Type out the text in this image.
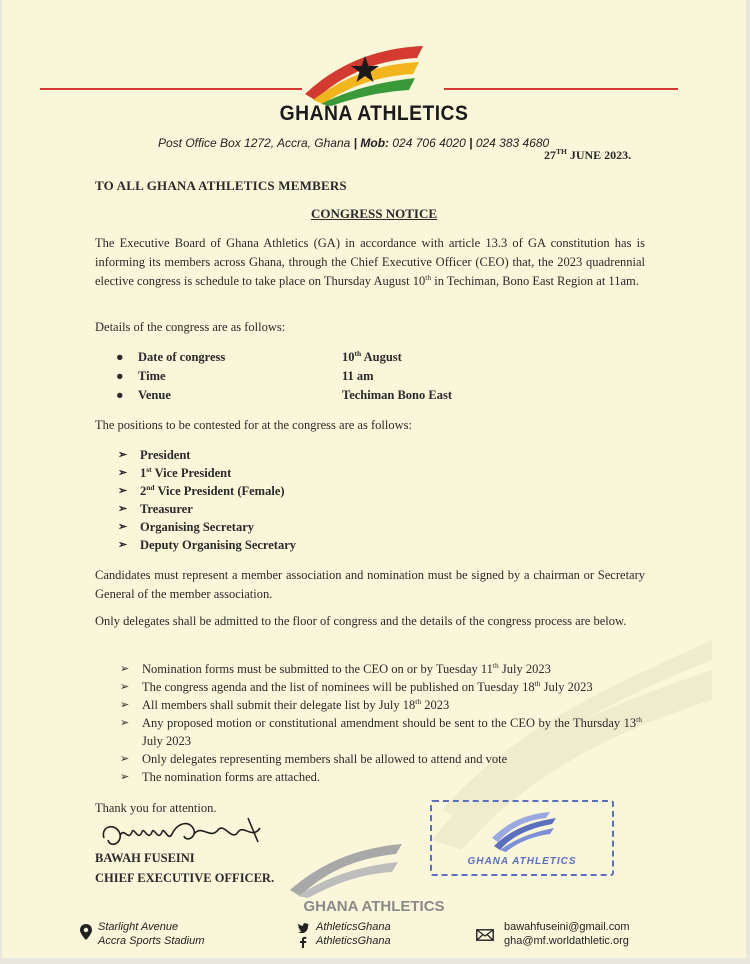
GHANA ATHLETICS
Post Office Box 1272, Accra, Ghana | Mob: 024 706 4020 | 024 383 4680
27TH JUNE 2023.
TO ALL GHANA ATHLETICS MEMBERS
CONGRESS NOTICE
The Executive Board of Ghana Athletics (GA) in accordance with article 13.3 of GA constitution has is informing its members across Ghana, through the Chief Executive Officer (CEO) that, the 2023 quadrennial elective congress is schedule to take place on Thursday August 10th in Techiman, Bono East Region at 11am.
Details of the congress are as follows:
●	Date of congress	10th August
●	Time	11 am
●	Venue	Techiman Bono East
The positions to be contested for at the congress are as follows:
➢	President
➢	1st Vice President
➢	2nd Vice President (Female)
➢	Treasurer
➢	Organising Secretary
➢	Deputy Organising Secretary
Candidates must represent a member association and nomination must be signed by a chairman or Secretary General of the member association.
Only delegates shall be admitted to the floor of congress and the details of the congress process are below.
➢	Nomination forms must be submitted to the CEO on or by Tuesday 11th July 2023
➢	The congress agenda and the list of nominees will be published on Tuesday 18th July 2023
➢	All members shall submit their delegate list by July 18th 2023
➢	Any proposed motion or constitutional amendment should be sent to the CEO by the Thursday 13th July 2023
➢	Only delegates representing members shall be allowed to attend and vote
➢	The nomination forms are attached.
Thank you for attention.
BAWAH FUSEINI
CHIEF EXECUTIVE OFFICER.
GHANA ATHLETICS
GHANA ATHLETICS
Starlight Avenue
Accra Sports Stadium
AthleticsGhana
AthleticsGhana
bawahfuseini@gmail.com
gha@mf.worldathletic.org
